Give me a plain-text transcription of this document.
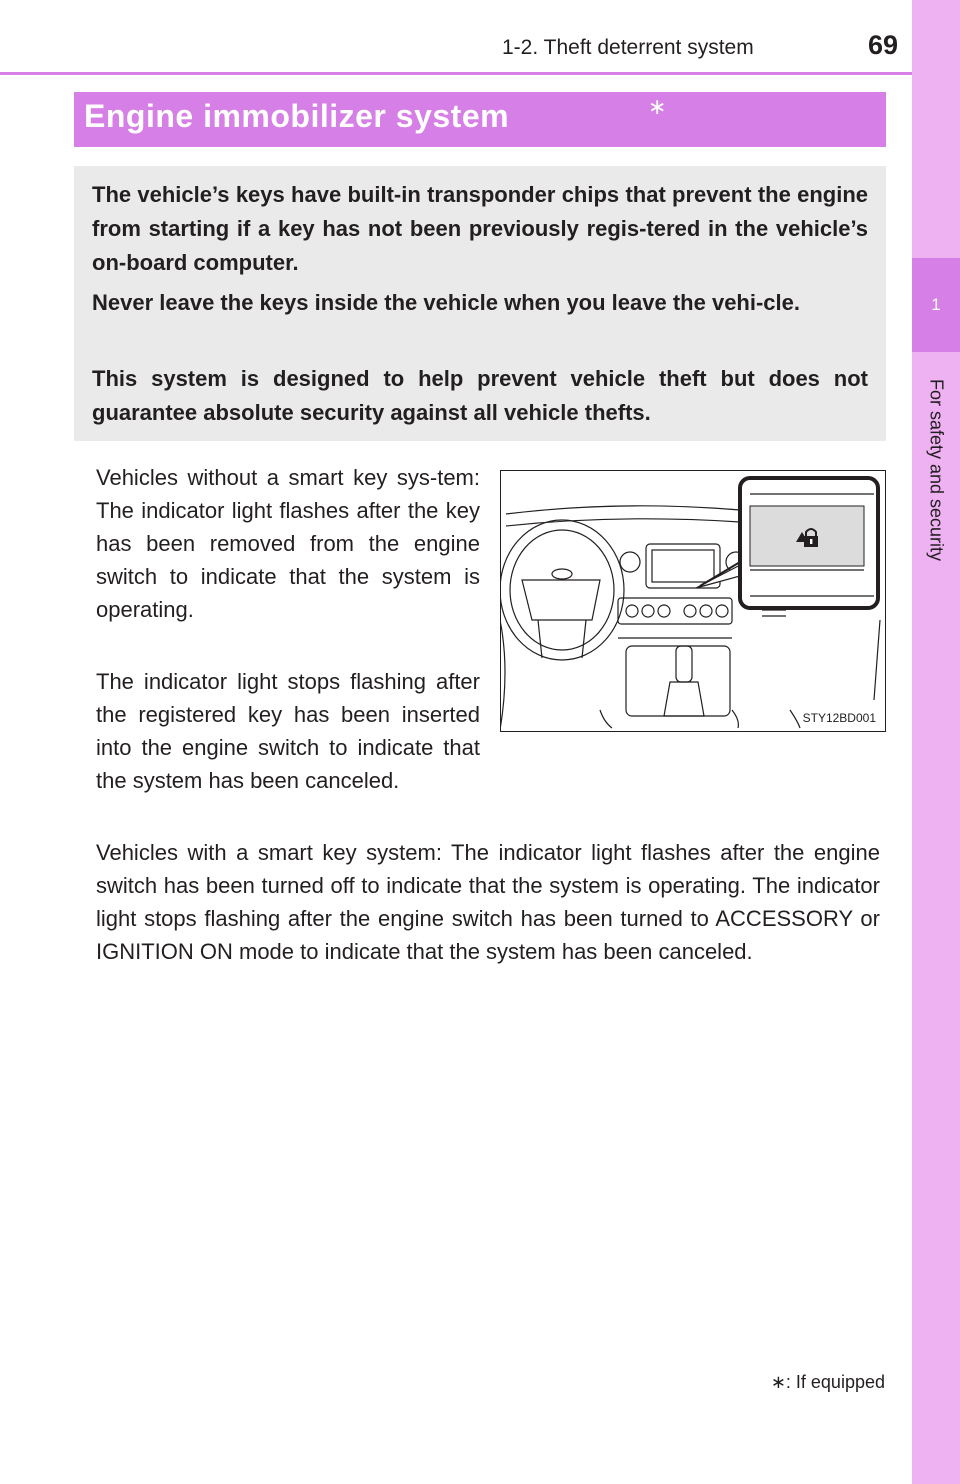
1
For safety and security
1-2. Theft deterrent system	69
Engine immobilizer system	∗

The vehicle’s keys have built-in transponder chips that prevent the engine from starting if a key has not been previously regis-tered in the vehicle’s on-board computer.

Never leave the keys inside the vehicle when you leave the vehi-cle.

This system is designed to help prevent vehicle theft but does not guarantee absolute security against all vehicle thefts.

Vehicles without a smart key sys-tem: The indicator light flashes after the key has been removed from the engine switch to indicate that the system is operating.

The indicator light stops flashing after the registered key has been inserted into the engine switch to indicate that the system has been canceled.

Vehicles with a smart key system: The indicator light flashes after the engine switch has been turned off to indicate that the system is operating. The indicator light stops flashing after the engine switch has been turned to ACCESSORY or IGNITION ON mode to indicate that the system has been canceled.

STY12BD001
∗: If equipped
